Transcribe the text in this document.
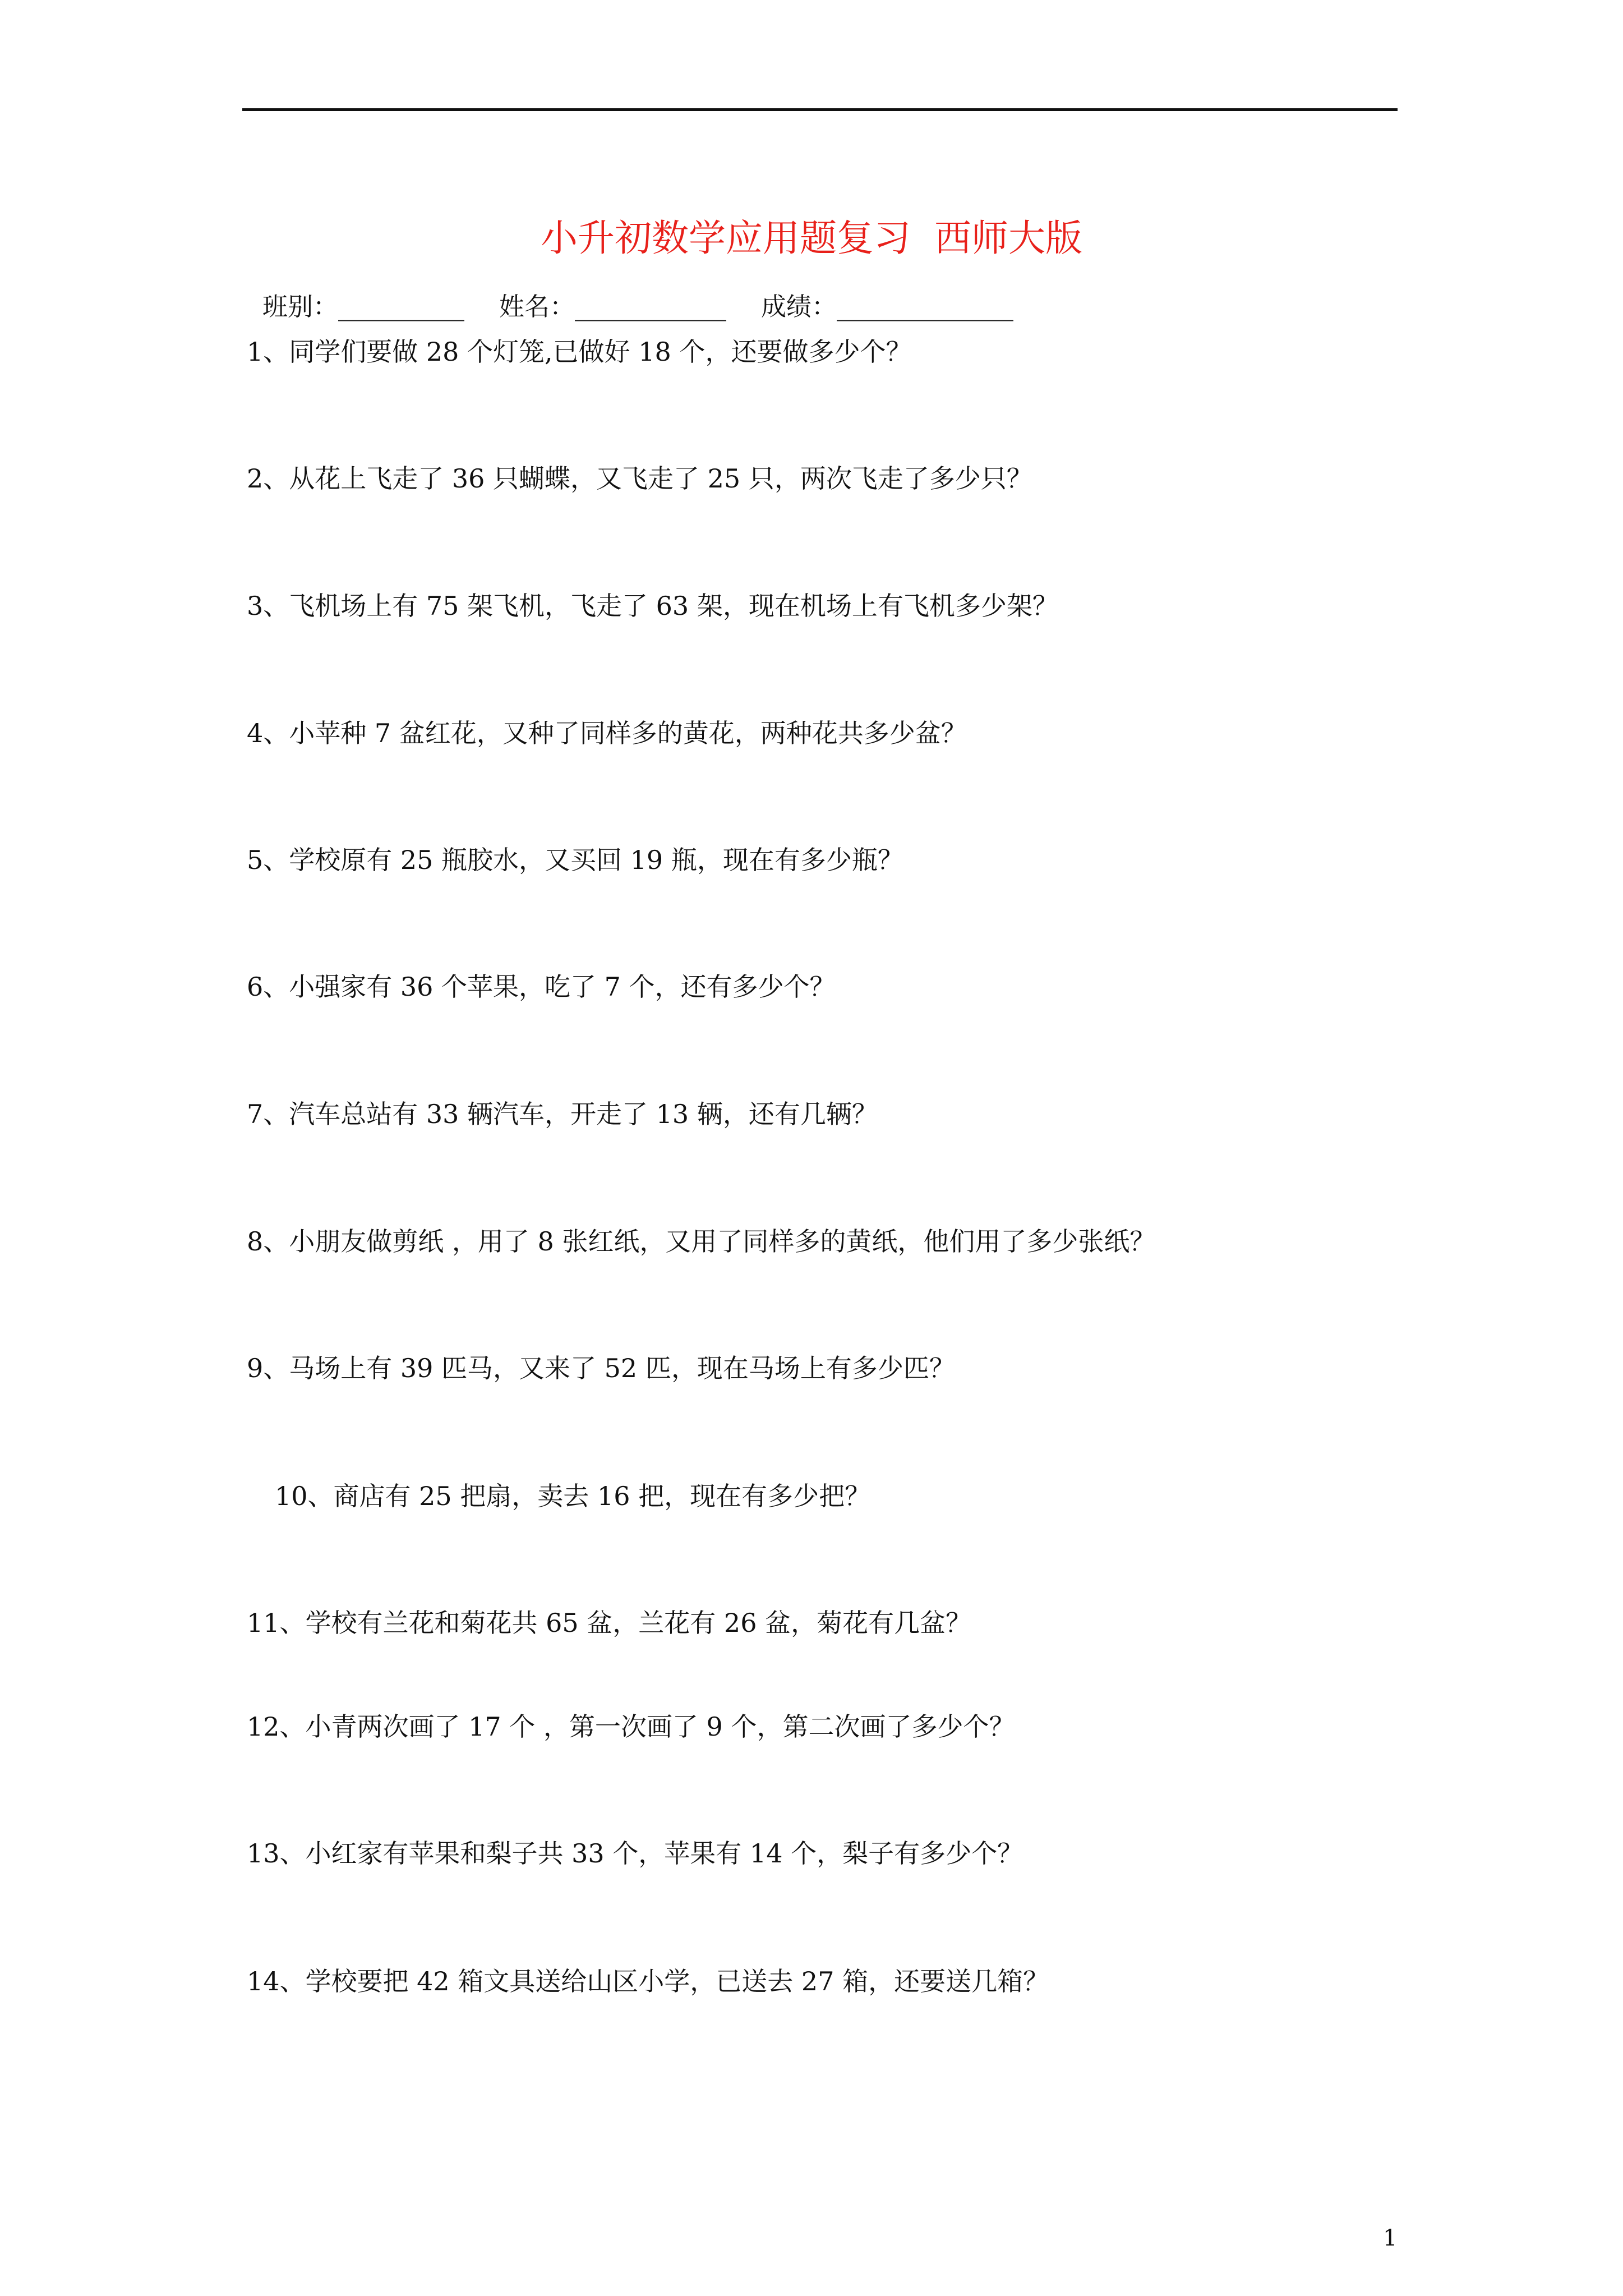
小升初数学应用题复习  西师大版
班别：__________ 姓名：____________ 成绩：______________
1、同学们要做 28 个灯笼,已做好 18 个，还要做多少个？
2、从花上飞走了 36 只蝴蝶，又飞走了 25 只，两次飞走了多少只？
3、飞机场上有 75 架飞机，飞走了 63 架，现在机场上有飞机多少架？
4、小苹种 7 盆红花，又种了同样多的黄花，两种花共多少盆？
5、学校原有 25 瓶胶水，又买回 19 瓶，现在有多少瓶？
6、小强家有 36 个苹果，吃了 7 个，还有多少个？
7、汽车总站有 33 辆汽车，开走了 13 辆，还有几辆？
8、小朋友做剪纸 ，用了 8 张红纸，又用了同样多的黄纸，他们用了多少张纸？
9、马场上有 39 匹马，又来了 52 匹，现在马场上有多少匹？
10、商店有 25 把扇，卖去 16 把，现在有多少把？
11、学校有兰花和菊花共 65 盆，兰花有 26 盆，菊花有几盆？
12、小青两次画了 17 个 ，第一次画了 9 个，第二次画了多少个？
13、小红家有苹果和梨子共 33 个，苹果有 14 个，梨子有多少个？
14、学校要把 42 箱文具送给山区小学，已送去 27 箱，还要送几箱？
1
